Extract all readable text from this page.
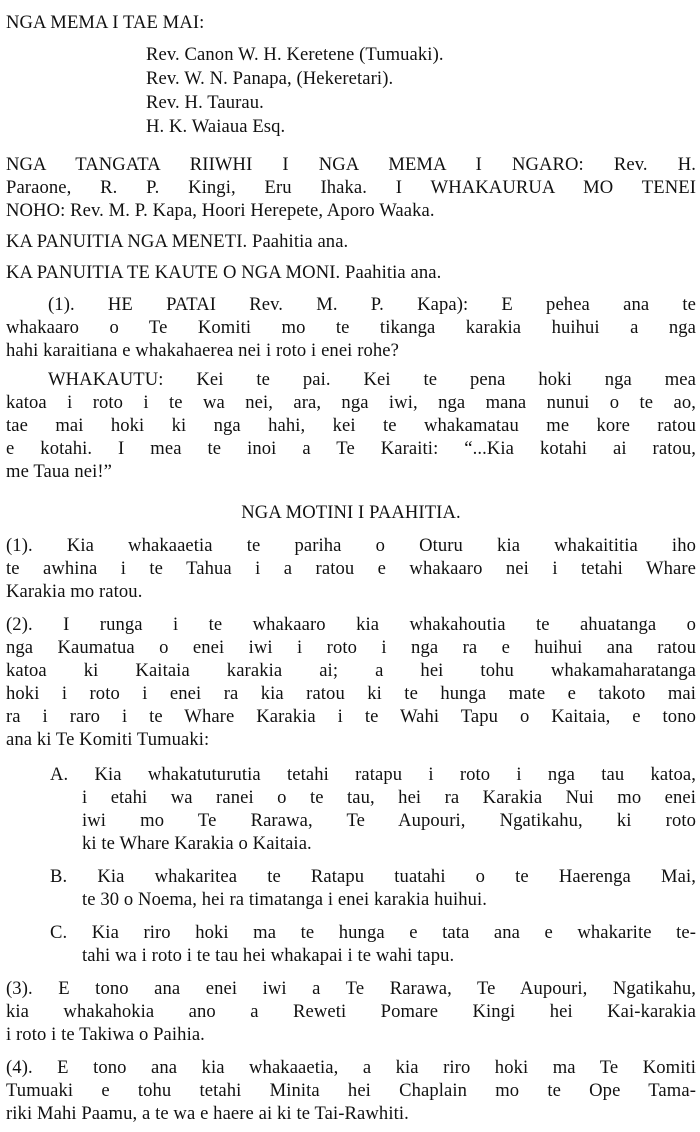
NGA MEMA I TAE MAI:
Rev. Canon W. H. Keretene (Tumuaki).
Rev. W. N. Panapa, (Hekeretari).
Rev. H. Taurau.
H. K. Waiaua Esq.
NGA TANGATA RIIWHI I NGA MEMA I NGARO: Rev. H.
Paraone, R. P. Kingi, Eru Ihaka. I WHAKAURUA MO TENEI
NOHO: Rev. M. P. Kapa, Hoori Herepete, Aporo Waaka.
KA PANUITIA NGA MENETI. Paahitia ana.
KA PANUITIA TE KAUTE O NGA MONI. Paahitia ana.
(1). HE PATAI Rev. M. P. Kapa): E pehea ana te
whakaaro o Te Komiti mo te tikanga karakia huihui a nga
hahi karaitiana e whakahaerea nei i roto i enei rohe?
WHAKAUTU: Kei te pai. Kei te pena hoki nga mea
katoa i roto i te wa nei, ara, nga iwi, nga mana nunui o te ao,
tae mai hoki ki nga hahi, kei te whakamatau me kore ratou
e kotahi. I mea te inoi a Te Karaiti: “...Kia kotahi ai ratou,
me Taua nei!”
NGA MOTINI I PAAHITIA.
(1). Kia whakaaetia te pariha o Oturu kia whakaititia iho
te awhina i te Tahua i a ratou e whakaaro nei i tetahi Whare
Karakia mo ratou.
(2). I runga i te whakaaro kia whakahoutia te ahuatanga o
nga Kaumatua o enei iwi i roto i nga ra e huihui ana ratou
katoa ki Kaitaia karakia ai; a hei tohu whakamaharatanga
hoki i roto i enei ra kia ratou ki te hunga mate e takoto mai
ra i raro i te Whare Karakia i te Wahi Tapu o Kaitaia, e tono
ana ki Te Komiti Tumuaki:
A. Kia whakatuturutia tetahi ratapu i roto i nga tau katoa,
i etahi wa ranei o te tau, hei ra Karakia Nui mo enei
iwi mo Te Rarawa, Te Aupouri, Ngatikahu, ki roto
ki te Whare Karakia o Kaitaia.
B. Kia whakaritea te Ratapu tuatahi o te Haerenga Mai,
te 30 o Noema, hei ra timatanga i enei karakia huihui.
C. Kia riro hoki ma te hunga e tata ana e whakarite te-
tahi wa i roto i te tau hei whakapai i te wahi tapu.
(3). E tono ana enei iwi a Te Rarawa, Te Aupouri, Ngatikahu,
kia whakahokia ano a Reweti Pomare Kingi hei Kai-karakia
i roto i te Takiwa o Paihia.
(4). E tono ana kia whakaaetia, a kia riro hoki ma Te Komiti
Tumuaki e tohu tetahi Minita hei Chaplain mo te Ope Tama-
riki Mahi Paamu, a te wa e haere ai ki te Tai-Rawhiti.
